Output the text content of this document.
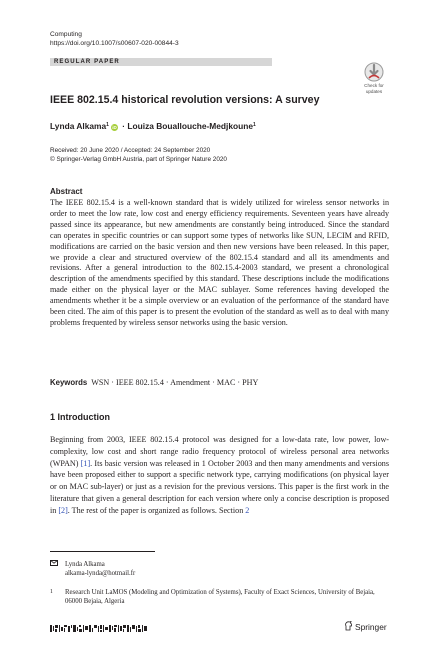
Computing
https://doi.org/10.1007/s00607-020-00844-3
REGULAR PAPER
Check for
updates
IEEE 802.15.4 historical revolution versions: A survey
Lynda Alkama$^1$ iD · Louiza Bouallouche-Medjkoune$^1$
Received: 20 June 2020 / Accepted: 24 September 2020
© Springer-Verlag GmbH Austria, part of Springer Nature 2020
Abstract
The IEEE 802.15.4 is a well-known standard that is widely utilized for wireless sensor networks in order to meet the low rate, low cost and energy efficiency requirements. Seventeen years have already passed since its appearance, but new amendments are constantly being introduced. Since the standard can operates in specific countries or can support some types of networks like SUN, LECIM and RFID, modifications are carried on the basic version and then new versions have been released. In this paper, we provide a clear and structured overview of the 802.15.4 standard and all its amendments and revisions. After a general introduction to the 802.15.4-2003 standard, we present a chronological description of the amendments specified by this standard. These descriptions include the modifications made either on the physical layer or the MAC sublayer. Some references having developed the amendments whether it be a simple overview or an evaluation of the performance of the standard have been cited. The aim of this paper is to present the evolution of the standard as well as to deal with many problems frequented by wireless sensor networks using the basic version.
Keywords WSN · IEEE 802.15.4 · Amendment · MAC · PHY
1 Introduction
Beginning from 2003, IEEE 802.15.4 protocol was designed for a low-data rate, low power, low-complexity, low cost and short range radio frequency protocol of wireless personal area networks (WPAN) [1]. Its basic version was released in 1 October 2003 and then many amendments and versions have been proposed either to support a specific network type, carrying modifications (on physical layer or on MAC sub-layer) or just as a revision for the previous versions. This paper is the first work in the literature that given a general description for each version where only a concise description is proposed in [2]. The rest of the paper is organized as follows. Section 2
Lynda Alkama
alkama-lynda@hotmail.fr
1 Research Unit LaMOS (Modeling and Optimization of Systems), Faculty of Exact Sciences, University of Bejaia, 06000 Bejaia, Algeria
Springer
